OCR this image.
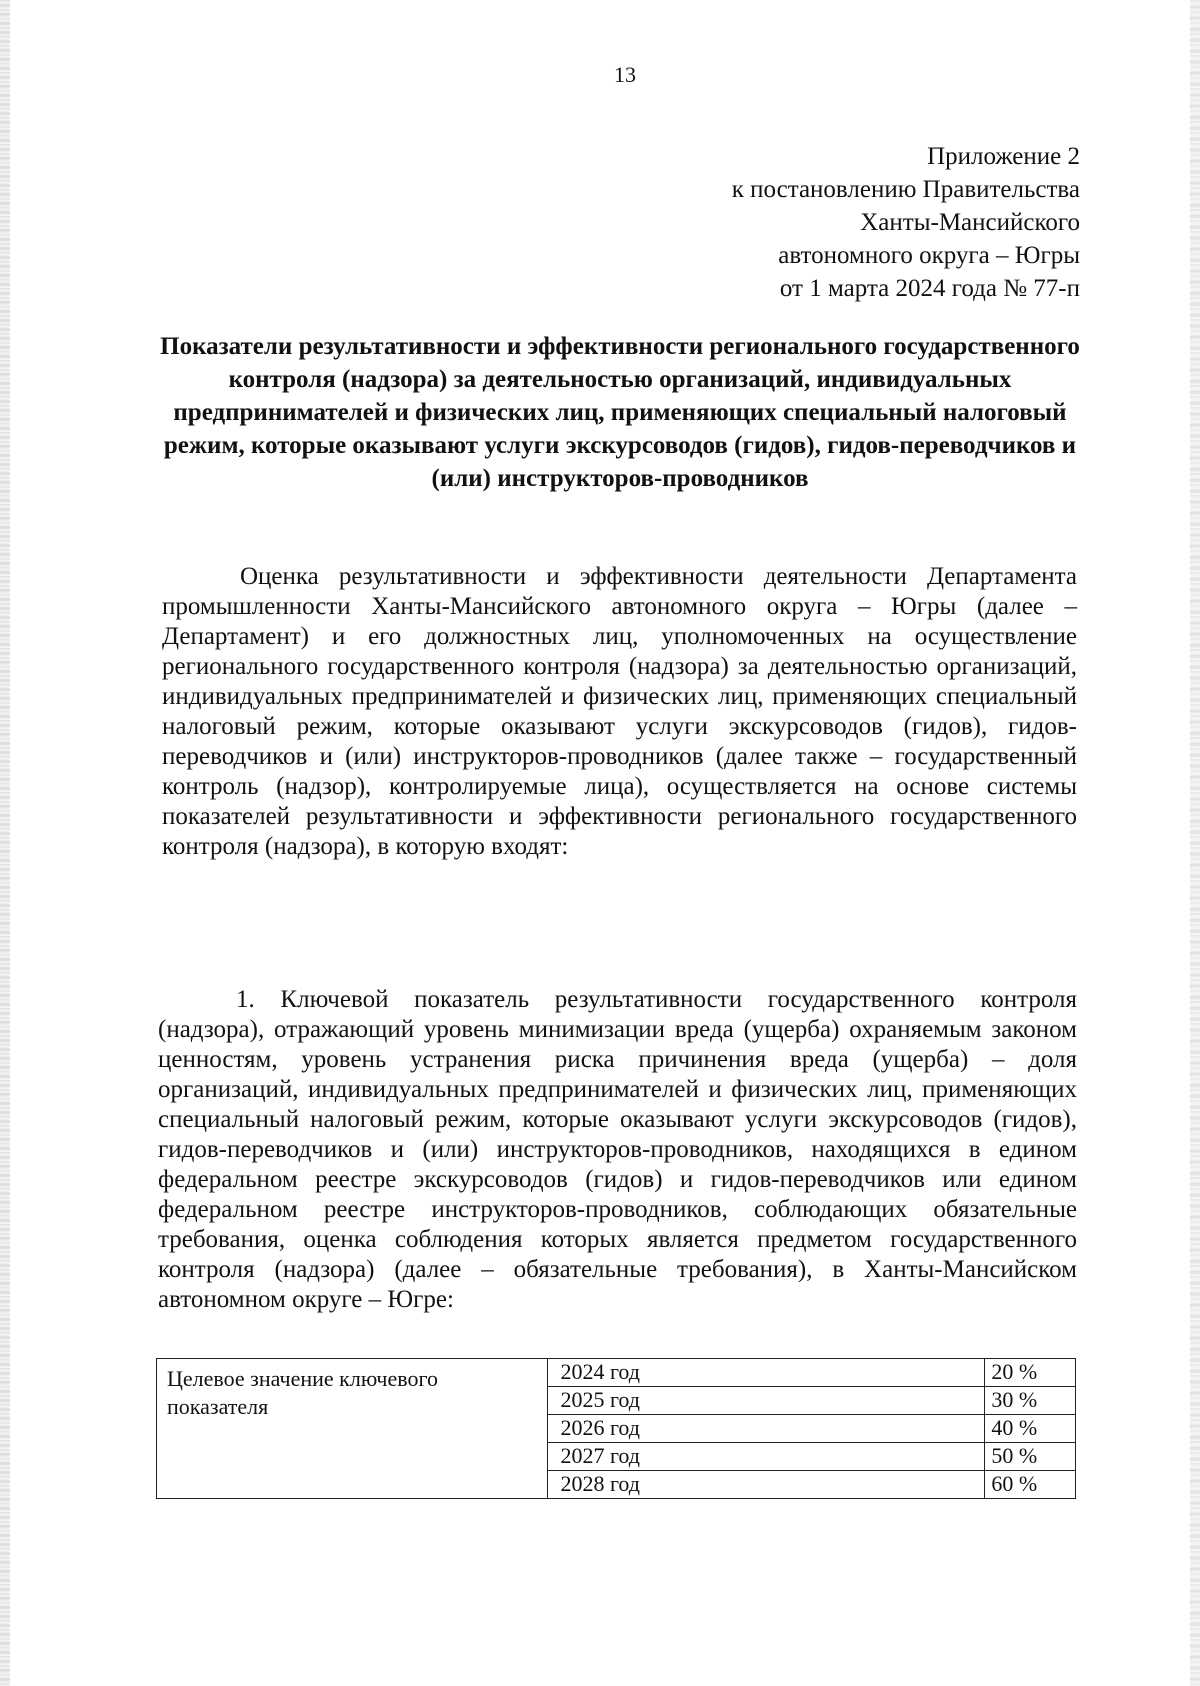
13
Приложение 2
к постановлению Правительства
Ханты-Мансийского
автономного округа – Югры
от 1 марта 2024 года № 77-п
Показатели результативности и эффективности регионального государственного контроля (надзора) за деятельностью организаций, индивидуальных предпринимателей и физических лиц, применяющих специальный налоговый режим, которые оказывают услуги экскурсоводов (гидов), гидов-переводчиков и (или) инструкторов-проводников
Оценка результативности и эффективности деятельности Департамента промышленности Ханты-Мансийского автономного округа – Югры (далее – Департамент) и его должностных лиц, уполномоченных на осуществление регионального государственного контроля (надзора) за деятельностью организаций, индивидуальных предпринимателей и физических лиц, применяющих специальный налоговый режим, которые оказывают услуги экскурсоводов (гидов), гидов-переводчиков и (или) инструкторов-проводников (далее также – государственный контроль (надзор), контролируемые лица), осуществляется на основе системы показателей результативности и эффективности регионального государственного контроля (надзора), в которую входят:
1. Ключевой показатель результативности государственного контроля (надзора), отражающий уровень минимизации вреда (ущерба) охраняемым законом ценностям, уровень устранения риска причинения вреда (ущерба) – доля организаций, индивидуальных предпринимателей и физических лиц, применяющих специальный налоговый режим, которые оказывают услуги экскурсоводов (гидов), гидов-переводчиков и (или) инструкторов-проводников, находящихся в едином федеральном реестре экскурсоводов (гидов) и гидов-переводчиков или едином федеральном реестре инструкторов-проводников, соблюдающих обязательные требования, оценка соблюдения которых является предметом государственного контроля (надзора) (далее – обязательные требования), в Ханты-Мансийском автономном округе – Югре:
Целевое значение ключевого показателя	2024 год	20 %
	2025 год	30 %
	2026 год	40 %
	2027 год	50 %
	2028 год	60 %
